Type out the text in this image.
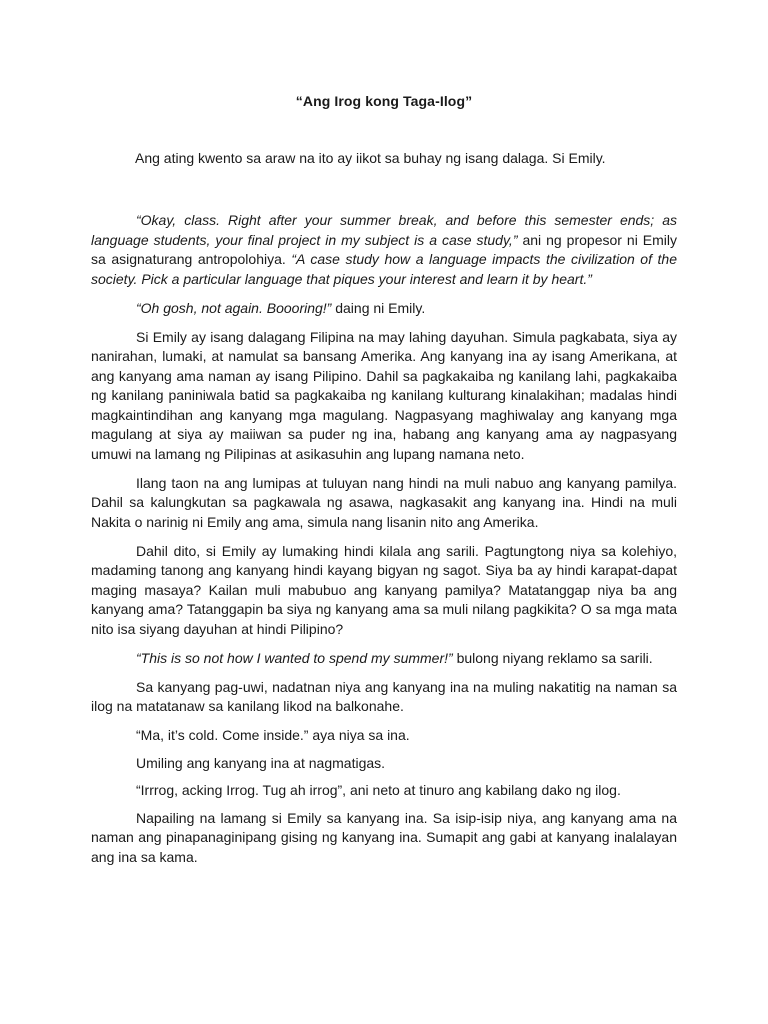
“Ang Irog kong Taga-Ilog”
Ang ating kwento sa araw na ito ay iikot sa buhay ng isang dalaga. Si Emily.

“Okay, class. Right after your summer break, and before this semester ends; as language students, your final project in my subject is a case study,” ani ng propesor ni Emily sa asignaturang antropolohiya. “A case study how a language impacts the civilization of the society. Pick a particular language that piques your interest and learn it by heart.”

“Oh gosh, not again. Boooring!” daing ni Emily.

Si Emily ay isang dalagang Filipina na may lahing dayuhan. Simula pagkabata, siya ay nanirahan, lumaki, at namulat sa bansang Amerika. Ang kanyang ina ay isang Amerikana, at ang kanyang ama naman ay isang Pilipino. Dahil sa pagkakaiba ng kanilang lahi, pagkakaiba ng kanilang paniniwala batid sa pagkakaiba ng kanilang kulturang kinalakihan; madalas hindi magkaintindihan ang kanyang mga magulang. Nagpasyang maghiwalay ang kanyang mga magulang at siya ay maiiwan sa puder ng ina, habang ang kanyang ama ay nagpasyang umuwi na lamang ng Pilipinas at asikasuhin ang lupang namana neto.

Ilang taon na ang lumipas at tuluyan nang hindi na muli nabuo ang kanyang pamilya. Dahil sa kalungkutan sa pagkawala ng asawa, nagkasakit ang kanyang ina. Hindi na muli Nakita o narinig ni Emily ang ama, simula nang lisanin nito ang Amerika.

Dahil dito, si Emily ay lumaking hindi kilala ang sarili. Pagtungtong niya sa kolehiyo, madaming tanong ang kanyang hindi kayang bigyan ng sagot. Siya ba ay hindi karapat-dapat maging masaya? Kailan muli mabubuo ang kanyang pamilya? Matatanggap niya ba ang kanyang ama? Tatanggapin ba siya ng kanyang ama sa muli nilang pagkikita? O sa mga mata nito isa siyang dayuhan at hindi Pilipino?

“This is so not how I wanted to spend my summer!” bulong niyang reklamo sa sarili.

Sa kanyang pag-uwi, nadatnan niya ang kanyang ina na muling nakatitig na naman sa ilog na matatanaw sa kanilang likod na balkonahe.

“Ma, it’s cold. Come inside.” aya niya sa ina.

Umiling ang kanyang ina at nagmatigas.

“Irrrog, acking Irrog. Tug ah irrog”, ani neto at tinuro ang kabilang dako ng ilog.

Napailing na lamang si Emily sa kanyang ina. Sa isip-isip niya, ang kanyang ama na naman ang pinapanaginipang gising ng kanyang ina. Sumapit ang gabi at kanyang inalalayan ang ina sa kama.
